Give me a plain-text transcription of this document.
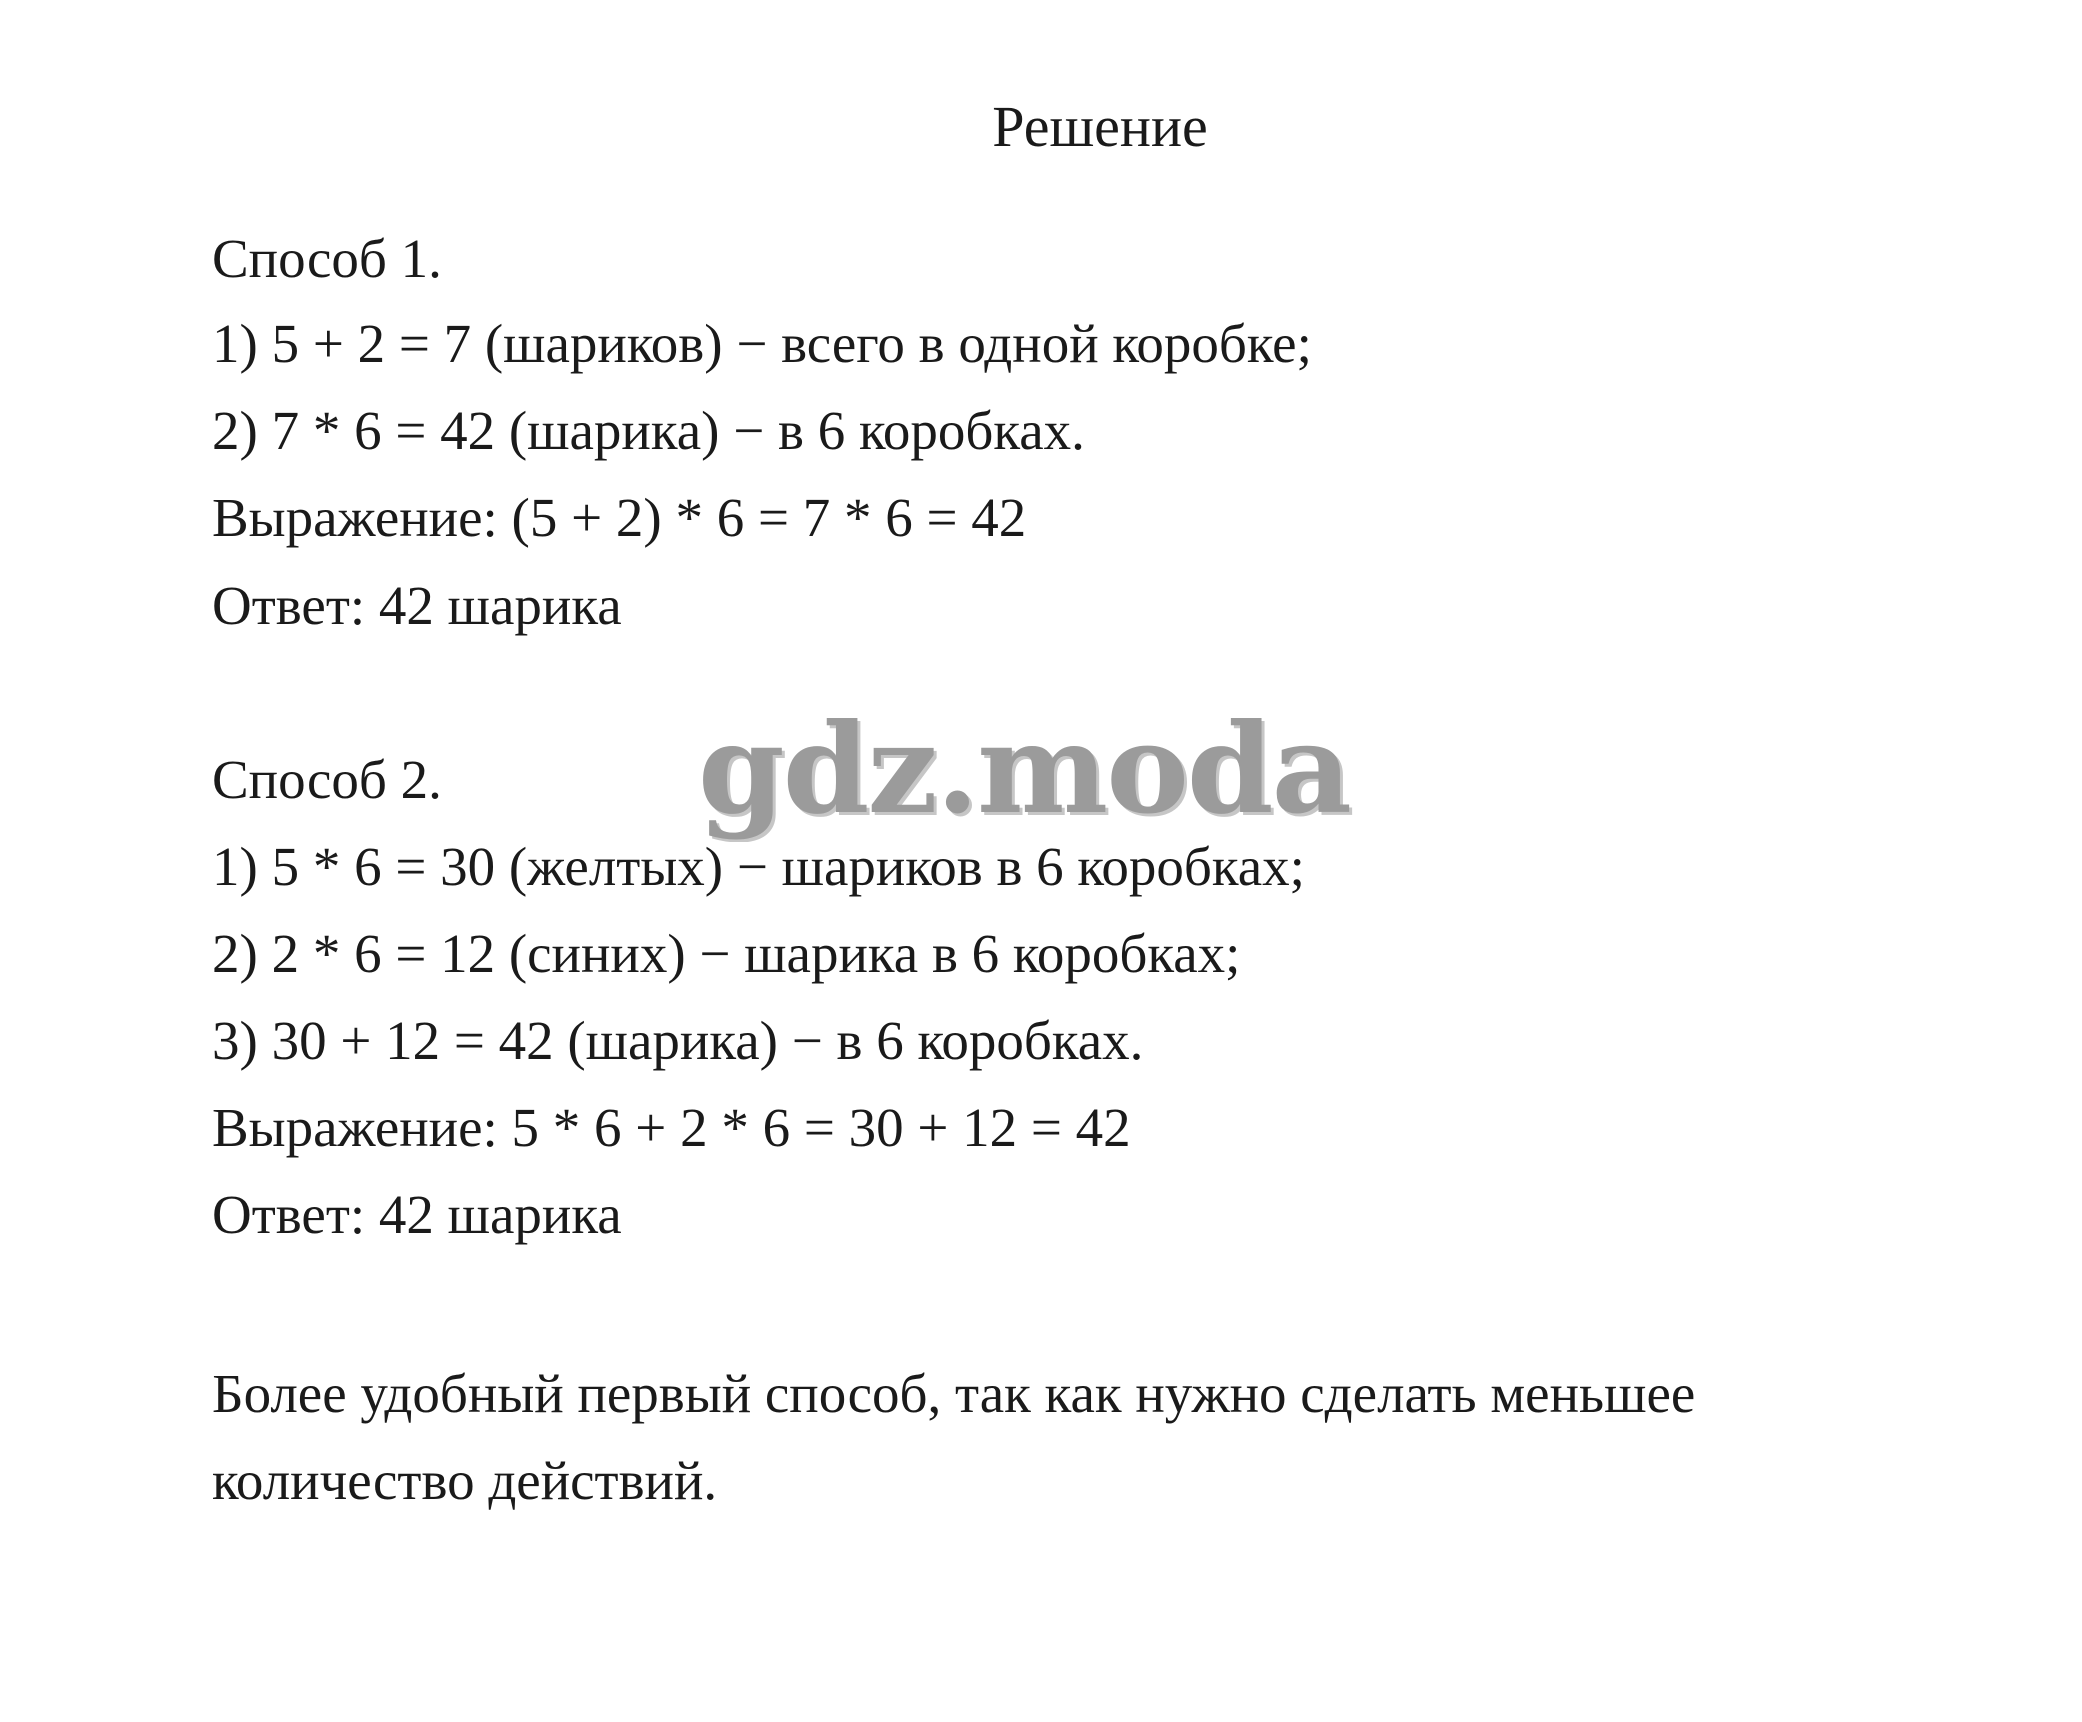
Решение

Способ 1.

1) 5 + 2 = 7 (шариков) − всего в одной коробке;

2) 7 * 6 = 42 (шарика) − в 6 коробках.

Выражение: (5 + 2) * 6 = 7 * 6 = 42

Ответ: 42 шарика

gdz.moda

Способ 2.

1) 5 * 6 = 30 (желтых) − шариков в 6 коробках;

2) 2 * 6 = 12 (синих) − шарика в 6 коробках;

3) 30 + 12 = 42 (шарика) − в 6 коробках.

Выражение: 5 * 6 + 2 * 6 = 30 + 12 = 42

Ответ: 42 шарика

Более удобный первый способ, так как нужно сделать меньшее

количество действий.
